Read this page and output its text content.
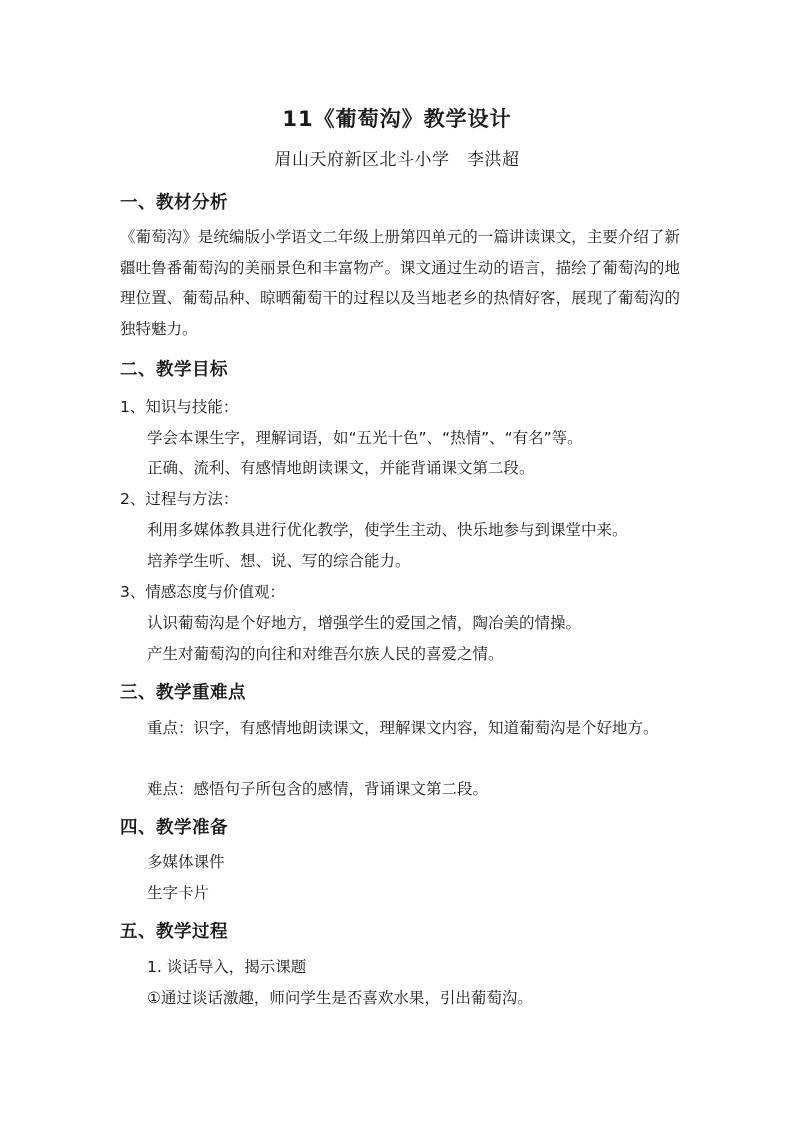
11《葡萄沟》教学设计
眉山天府新区北斗小学　李洪超
一、教材分析
《葡萄沟》是统编版小学语文二年级上册第四单元的一篇讲读课文，主要介绍了新疆吐鲁番葡萄沟的美丽景色和丰富物产。课文通过生动的语言，描绘了葡萄沟的地理位置、葡萄品种、晾晒葡萄干的过程以及当地老乡的热情好客，展现了葡萄沟的独特魅力。
二、教学目标
1、知识与技能：
学会本课生字，理解词语，如“五光十色”、“热情”、“有名”等。
正确、流利、有感情地朗读课文，并能背诵课文第二段。
2、过程与方法：
利用多媒体教具进行优化教学，使学生主动、快乐地参与到课堂中来。
培养学生听、想、说、写的综合能力。
3、情感态度与价值观：
认识葡萄沟是个好地方，增强学生的爱国之情，陶冶美的情操。
产生对葡萄沟的向往和对维吾尔族人民的喜爱之情。
三、教学重难点
重点：识字，有感情地朗读课文，理解课文内容，知道葡萄沟是个好地方。
难点：感悟句子所包含的感情，背诵课文第二段。
四、教学准备
多媒体课件
生字卡片
五、教学过程
1. 谈话导入，揭示课题
①通过谈话激趣，师问学生是否喜欢水果，引出葡萄沟。
